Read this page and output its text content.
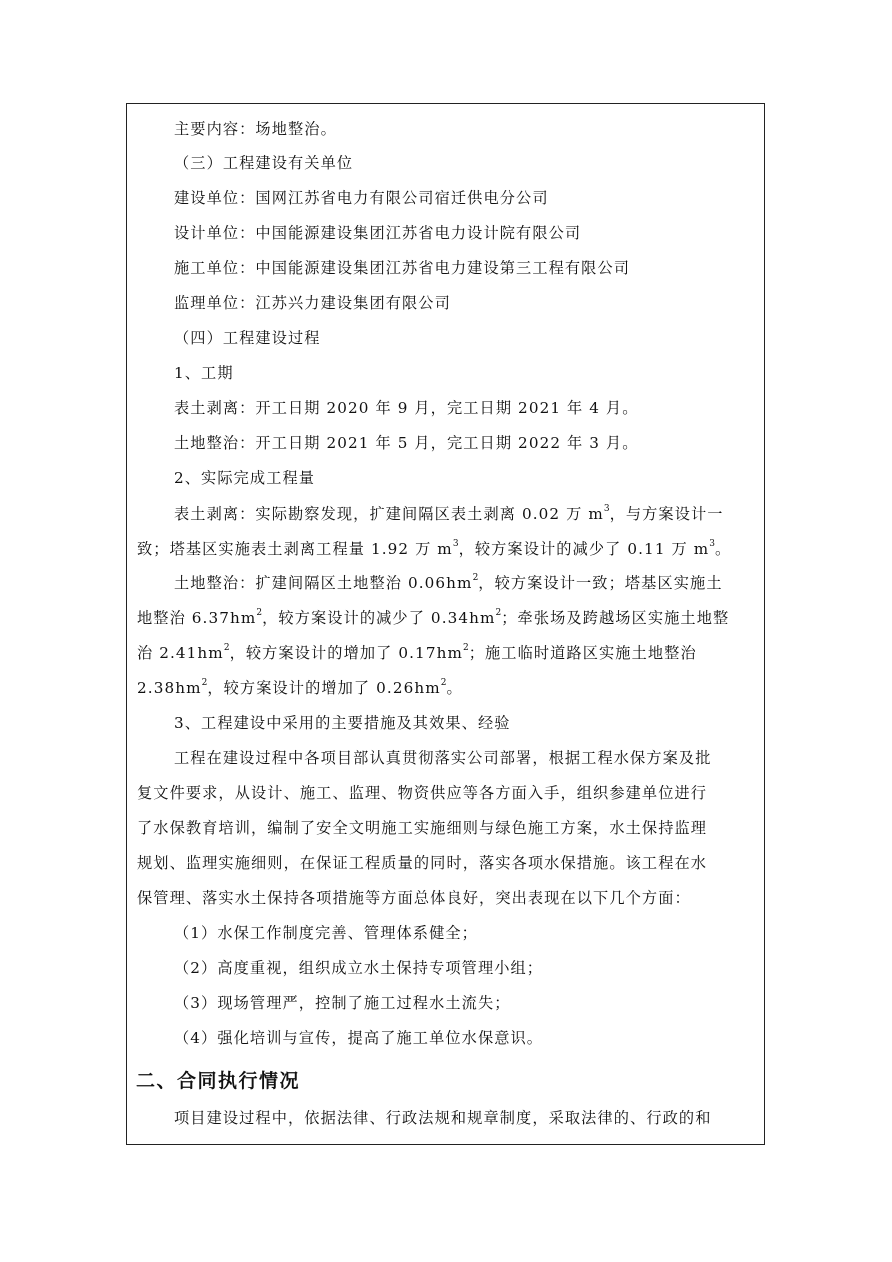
主要内容：场地整治。
（三）工程建设有关单位
建设单位：国网江苏省电力有限公司宿迁供电分公司
设计单位：中国能源建设集团江苏省电力设计院有限公司
施工单位：中国能源建设集团江苏省电力建设第三工程有限公司
监理单位：江苏兴力建设集团有限公司
（四）工程建设过程
1、工期
表土剥离：开工日期 2020 年 9 月，完工日期 2021 年 4 月。
土地整治：开工日期 2021 年 5 月，完工日期 2022 年 3 月。
2、实际完成工程量
表土剥离：实际勘察发现，扩建间隔区表土剥离 0.02 万 $m^3$，与方案设计一
致；塔基区实施表土剥离工程量 1.92 万 $m^3$，较方案设计的减少了 0.11 万 $m^3$。
土地整治：扩建间隔区土地整治 $0.06hm^2$，较方案设计一致；塔基区实施土
地整治 $6.37hm^2$，较方案设计的减少了 $0.34hm^2$；牵张场及跨越场区实施土地整
治 $2.41hm^2$，较方案设计的增加了 $0.17hm^2$；施工临时道路区实施土地整治
$2.38hm^2$，较方案设计的增加了 $0.26hm^2$。
3、工程建设中采用的主要措施及其效果、经验
工程在建设过程中各项目部认真贯彻落实公司部署，根据工程水保方案及批
复文件要求，从设计、施工、监理、物资供应等各方面入手，组织参建单位进行
了水保教育培训，编制了安全文明施工实施细则与绿色施工方案，水土保持监理
规划、监理实施细则，在保证工程质量的同时，落实各项水保措施。该工程在水
保管理、落实水土保持各项措施等方面总体良好，突出表现在以下几个方面：
（1）水保工作制度完善、管理体系健全；
（2）高度重视，组织成立水土保持专项管理小组；
（3）现场管理严，控制了施工过程水土流失；
（4）强化培训与宣传，提高了施工单位水保意识。
二、合同执行情况
项目建设过程中，依据法律、行政法规和规章制度，采取法律的、行政的和
